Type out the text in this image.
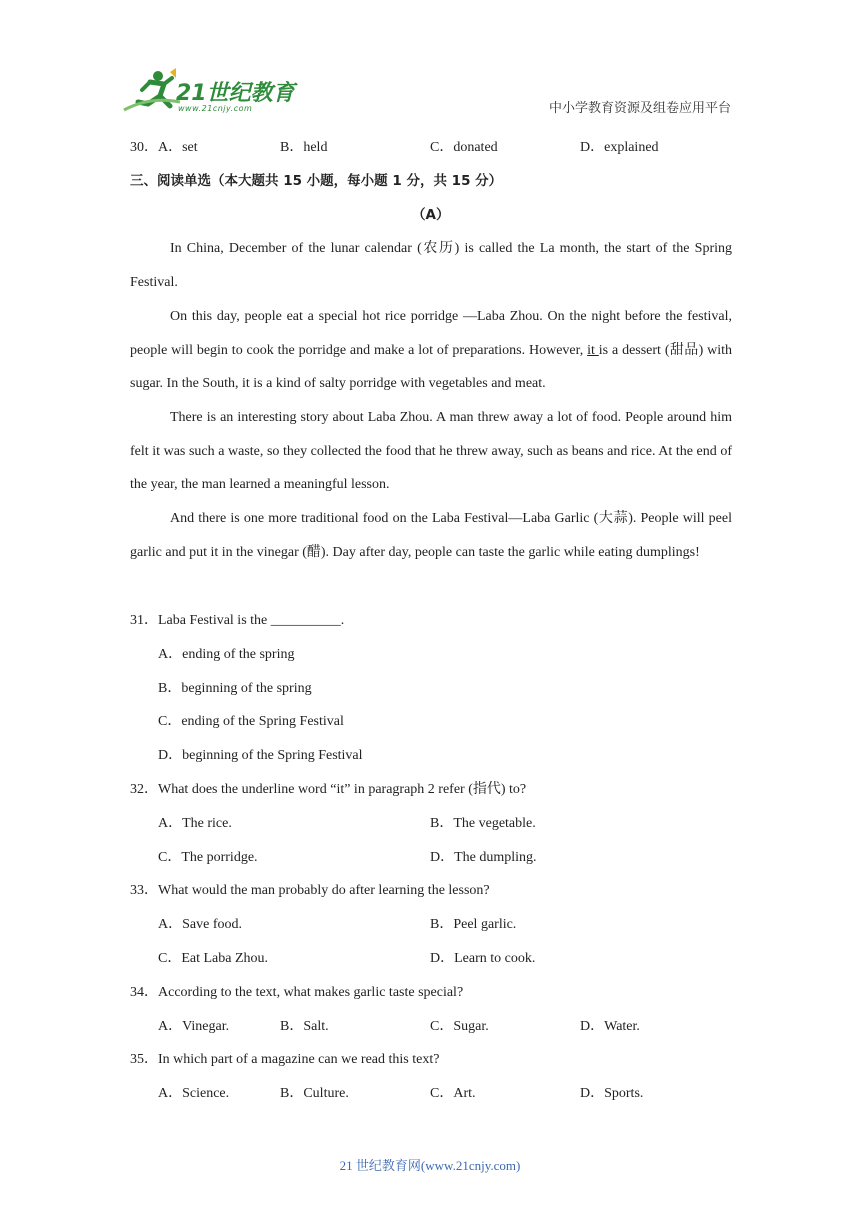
21世纪教育
www.21cnjy.com	中小学教育资源及组卷应用平台
30． A．set	B．held	C．donated	D．explained
三、阅读单选（本大题共 15 小题，每小题 1 分，共 15 分）
（A）
In China, December of the lunar calendar (农历) is called the La month, the start of the Spring Festival.
On this day, people eat a special hot rice porridge —Laba Zhou. On the night before the festival, people will begin to cook the porridge and make a lot of preparations. However, it is a dessert (甜品) with sugar. In the South, it is a kind of salty porridge with vegetables and meat.
There is an interesting story about Laba Zhou. A man threw away a lot of food. People around him felt it was such a waste, so they collected the food that he threw away, such as beans and rice. At the end of the year, the man learned a meaningful lesson.
And there is one more traditional food on the Laba Festival—Laba Garlic (大蒜). People will peel garlic and put it in the vinegar (醋). Day after day, people can taste the garlic while eating dumplings!
31．Laba Festival is the __________.
A．ending of the spring
B．beginning of the spring
C．ending of the Spring Festival
D．beginning of the Spring Festival
32．What does the underline word “it” in paragraph 2 refer (指代) to?
A．The rice.	B．The vegetable.
C．The porridge.	D．The dumpling.
33．What would the man probably do after learning the lesson?
A．Save food.	B．Peel garlic.
C．Eat Laba Zhou.	D．Learn to cook.
34．According to the text, what makes garlic taste special?
A．Vinegar.	B．Salt.	C．Sugar.	D．Water.
35．In which part of a magazine can we read this text?
A．Science.	B．Culture.	C．Art.	D．Sports.
21 世纪教育网(www.21cnjy.com)
